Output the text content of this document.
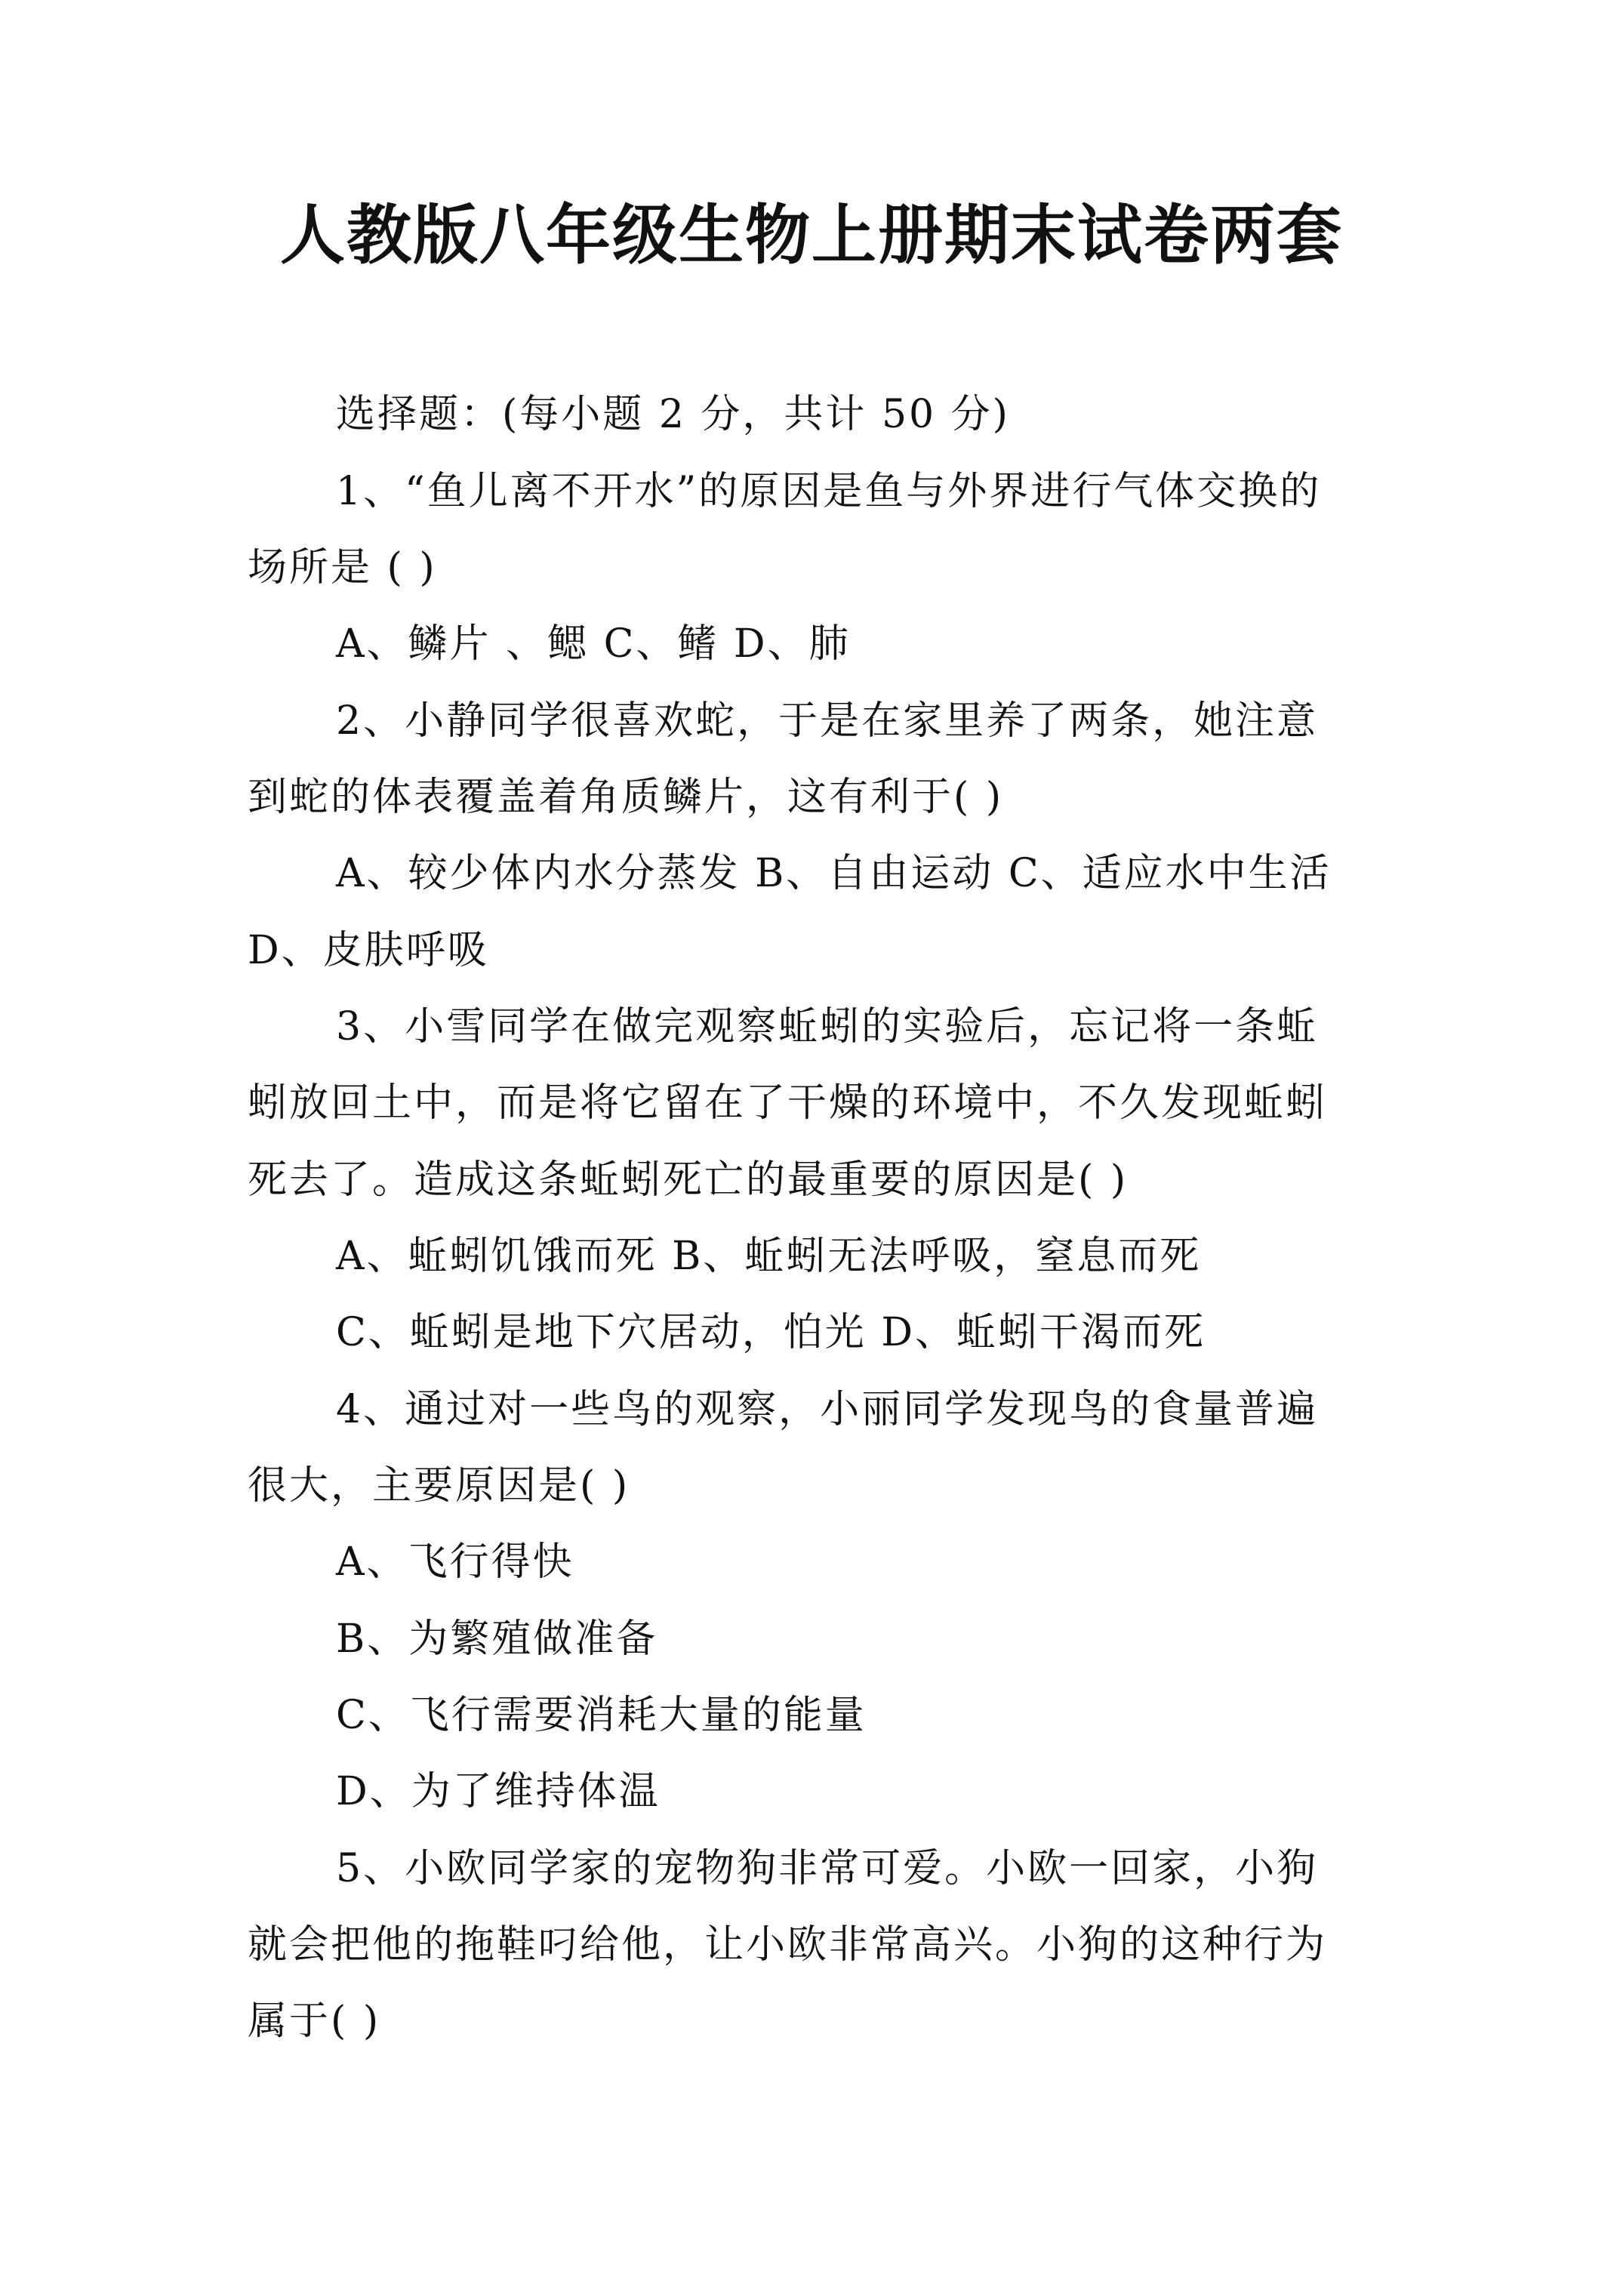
人教版八年级生物上册期末试卷两套
选择题：(每小题 2 分，共计 50 分)
1、“鱼儿离不开水”的原因是鱼与外界进行气体交换的
场所是 ( )
A、鳞片 、鳃 C、鳍 D、肺
2、小静同学很喜欢蛇，于是在家里养了两条，她注意
到蛇的体表覆盖着角质鳞片，这有利于( )
A、较少体内水分蒸发 B、自由运动 C、适应水中生活
D、皮肤呼吸
3、小雪同学在做完观察蚯蚓的实验后，忘记将一条蚯
蚓放回土中，而是将它留在了干燥的环境中，不久发现蚯蚓
死去了。造成这条蚯蚓死亡的最重要的原因是( )
A、蚯蚓饥饿而死 B、蚯蚓无法呼吸，窒息而死
C、蚯蚓是地下穴居动，怕光 D、蚯蚓干渴而死
4、通过对一些鸟的观察，小丽同学发现鸟的食量普遍
很大，主要原因是( )
A、飞行得快
B、为繁殖做准备
C、飞行需要消耗大量的能量
D、为了维持体温
5、小欧同学家的宠物狗非常可爱。小欧一回家，小狗
就会把他的拖鞋叼给他，让小欧非常高兴。小狗的这种行为
属于( )
